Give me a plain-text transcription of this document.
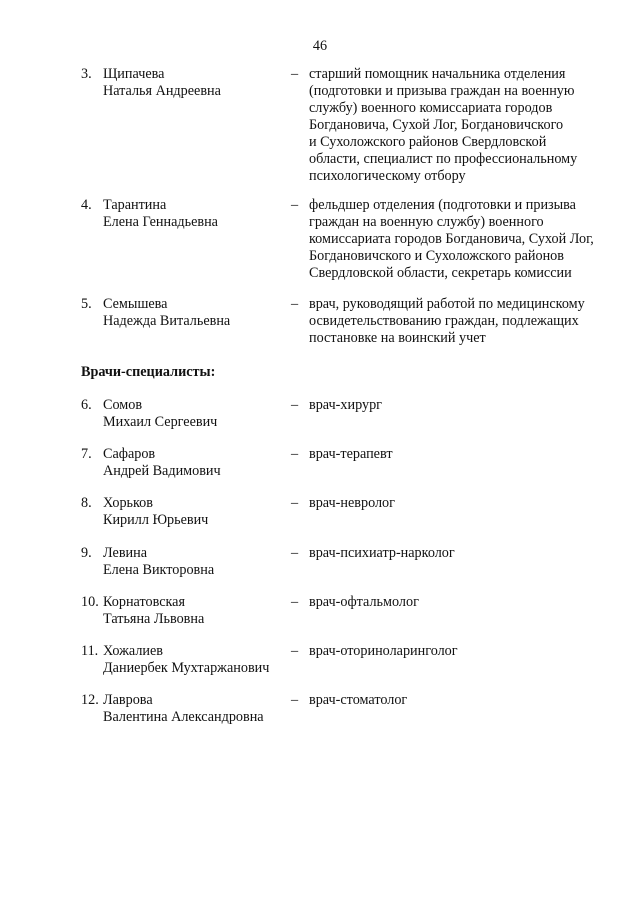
46
3. Щипачева
Наталья Андреевна
– старший помощник начальника отделения
(подготовки и призыва граждан на военную
службу) военного комиссариата городов
Богдановича, Сухой Лог, Богдановичского
и Сухоложского районов Свердловской
области, специалист по профессиональному
психологическому отбору
4. Тарантина
Елена Геннадьевна
– фельдшер отделения (подготовки и призыва
граждан на военную службу) военного
комиссариата городов Богдановича, Сухой Лог,
Богдановичского и Сухоложского районов
Свердловской области, секретарь комиссии
5. Семышева
Надежда Витальевна
– врач, руководящий работой по медицинскому
освидетельствованию граждан, подлежащих
постановке на воинский учет
Врачи-специалисты:
6. Сомов
Михаил Сергеевич
– врач-хирург
7. Сафаров
Андрей Вадимович
– врач-терапевт
8. Хорьков
Кирилл Юрьевич
– врач-невролог
9. Левина
Елена Викторовна
– врач-психиатр-нарколог
10. Корнатовская
Татьяна Львовна
– врач-офтальмолог
11. Хожалиев
Даниербек Мухтаржанович
– врач-оториноларинголог
12. Лаврова
Валентина Александровна
– врач-стоматолог
